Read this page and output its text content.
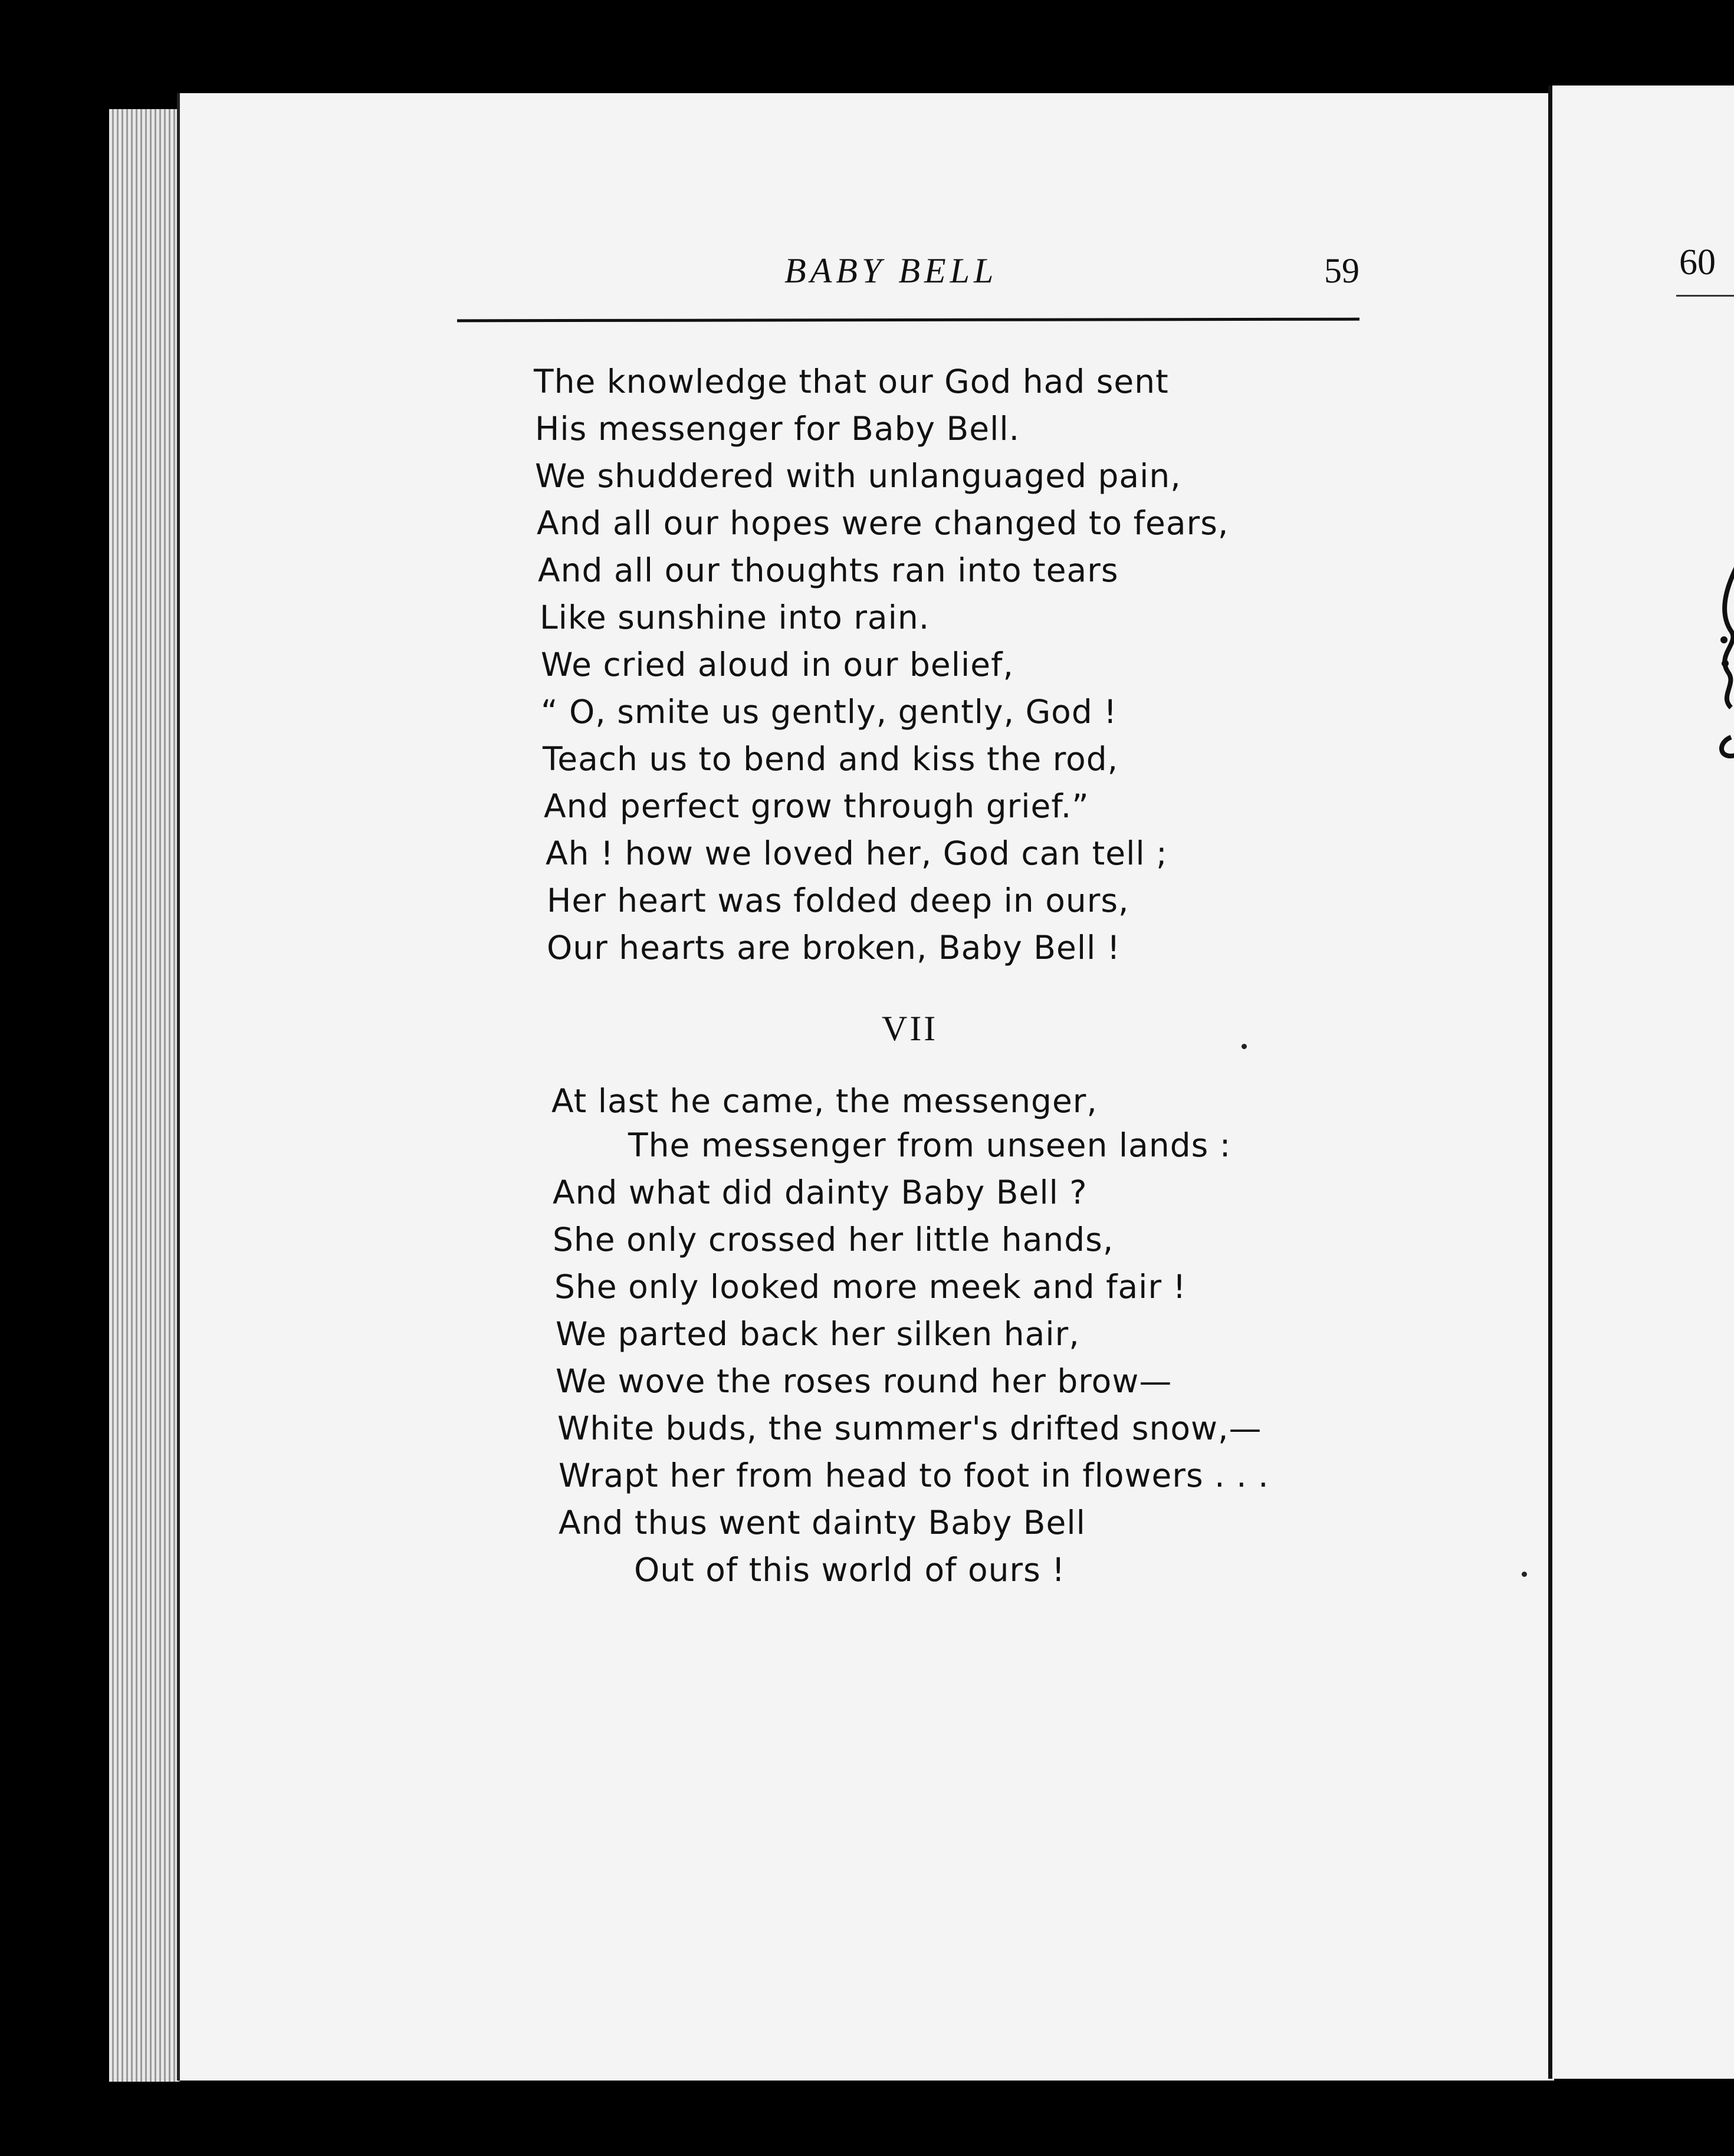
60
BABY BELL	59
The knowledge that our God had sent
His messenger for Baby Bell.
We shuddered with unlanguaged pain,
And all our hopes were changed to fears,
And all our thoughts ran into tears
Like sunshine into rain.
We cried aloud in our belief,
“ O, smite us gently, gently, God !
Teach us to bend and kiss the rod,
And perfect grow through grief.”
Ah ! how we loved her, God can tell ;
Her heart was folded deep in ours,
Our hearts are broken, Baby Bell !
VII
At last he came, the messenger,
The messenger from unseen lands :
And what did dainty Baby Bell ?
She only crossed her little hands,
She only looked more meek and fair !
We parted back her silken hair,
We wove the roses round her brow—
White buds, the summer's drifted snow,—
Wrapt her from head to foot in flowers . . .
And thus went dainty Baby Bell
Out of this world of ours !
